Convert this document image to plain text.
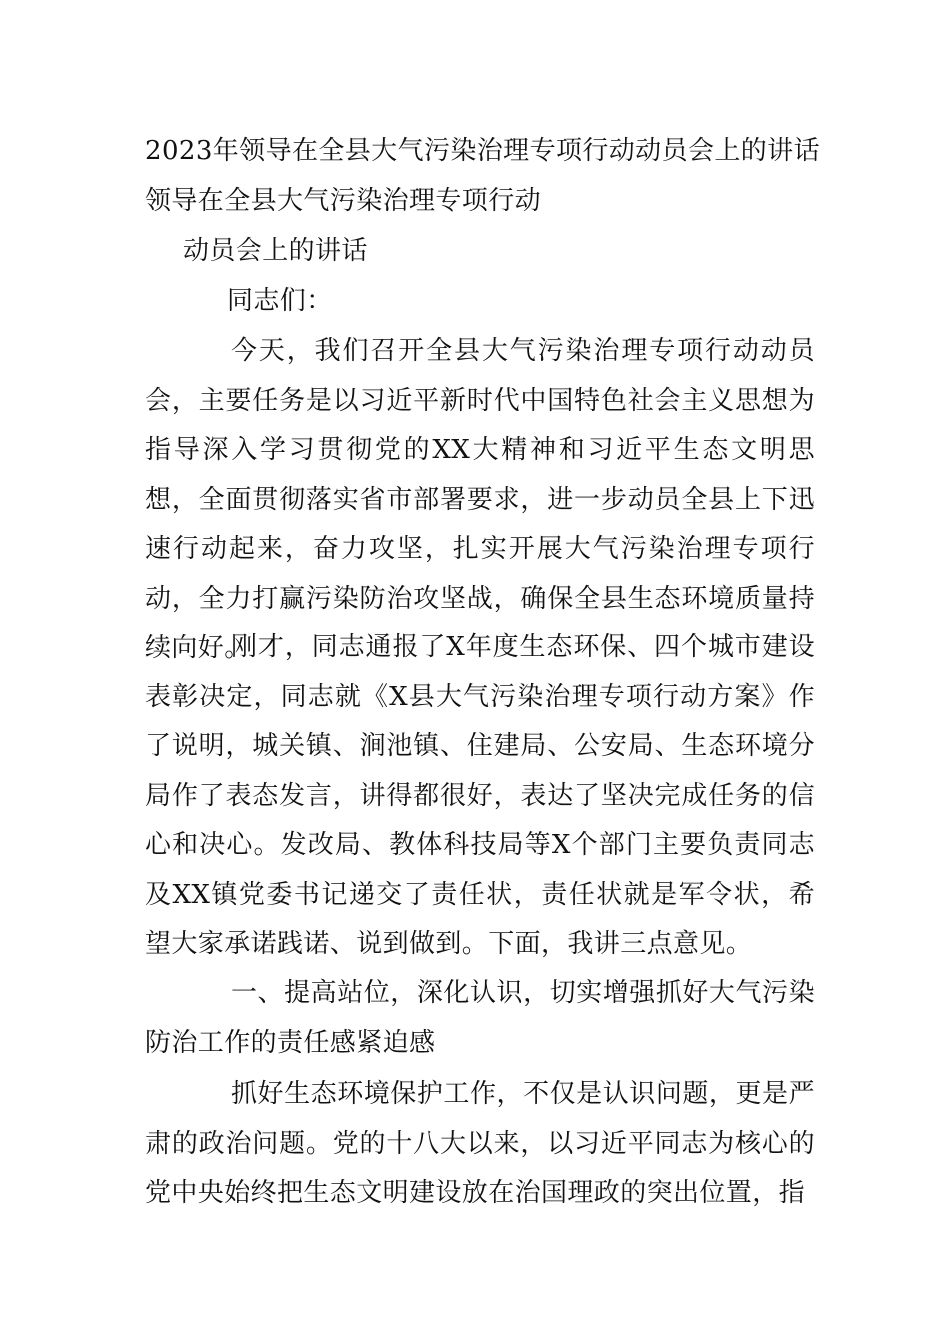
2023年领导在全县大气污染治理专项行动动员会上的讲话
领导在全县大气污染治理专项行动
动员会上的讲话
同志们：
今天，我们召开全县大气污染治理专项行动动员会，主要任务是以习近平新时代中国特色社会主义思想为指导深入学习贯彻党的XX大精神和习近平生态文明思想，全面贯彻落实省市部署要求，进一步动员全县上下迅速行动起来，奋力攻坚，扎实开展大气污染治理专项行动，全力打赢污染防治攻坚战，确保全县生态环境质量持续向好。
刚才，同志通报了X年度生态环保、四个城市建设表彰决定，同志就《X县大气污染治理专项行动方案》作了说明，城关镇、涧池镇、住建局、公安局、生态环境分局作了表态发言，讲得都很好，表达了坚决完成任务的信心和决心。发改局、教体科技局等X个部门主要负责同志及XX镇党委书记递交了责任状，责任状就是军令状，希望大家承诺践诺、说到做到。下面，我讲三点意见。
一、提高站位，深化认识，切实增强抓好大气污染防治工作的责任感紧迫感
抓好生态环境保护工作，不仅是认识问题，更是严肃的政治问题。党的十八大以来，以习近平同志为核心的党中央始终把生态文明建设放在治国理政的突出位置，指
